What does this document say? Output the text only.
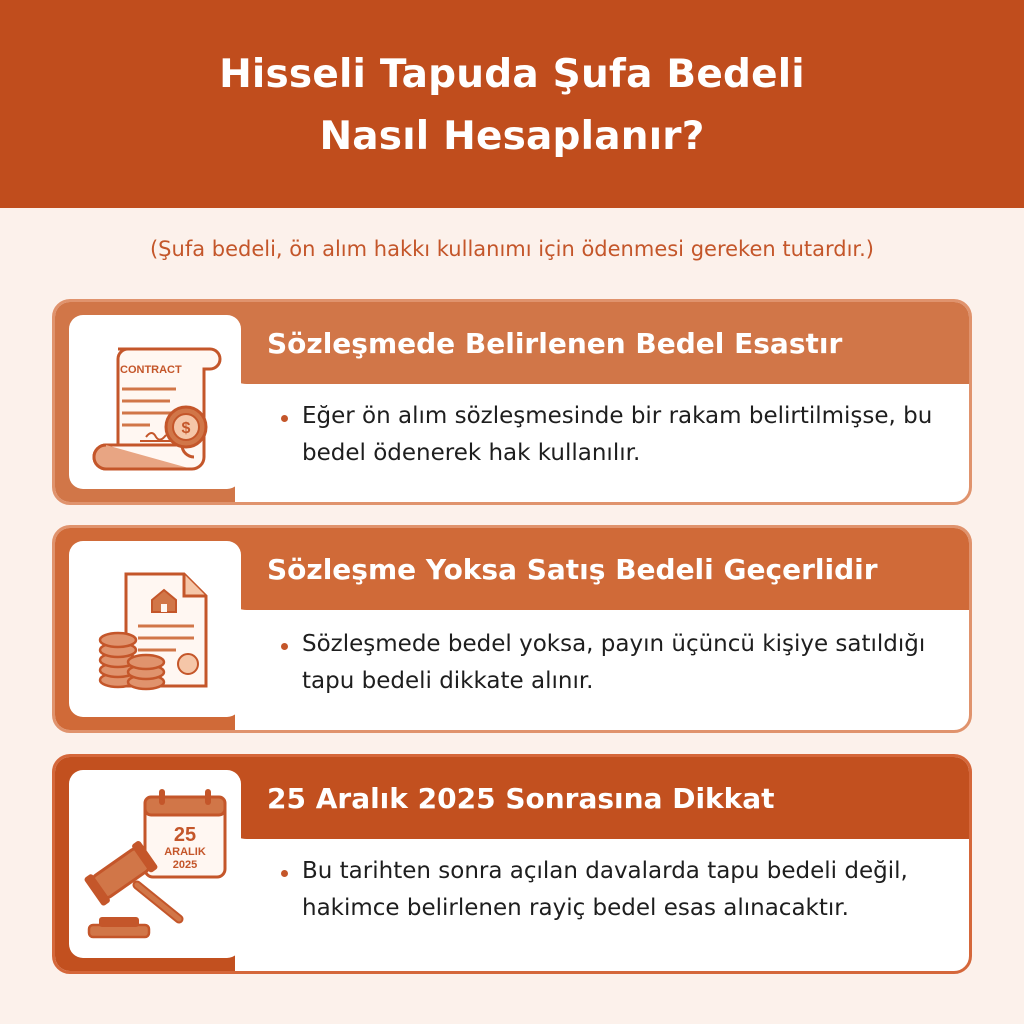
Hisseli Tapuda Şufa Bedeli
Nasıl Hesaplanır?
(Şufa bedeli, ön alım hakkı kullanımı için ödenmesi gereken tutardır.)
Sözleşmede Belirlenen Bedel Esastır
CONTRACT
$	Eğer ön alım sözleşmesinde bir rakam belirtilmişse, bu bedel ödenerek hak kullanılır.
Sözleşme Yoksa Satış Bedeli Geçerlidir
Sözleşmede bedel yoksa, payın üçüncü kişiye satıldığı tapu bedeli dikkate alınır.
25 Aralık 2025 Sonrasına Dikkat
25
ARALIK
2025	Bu tarihten sonra açılan davalarda tapu bedeli değil, hakimce belirlenen rayiç bedel esas alınacaktır.
